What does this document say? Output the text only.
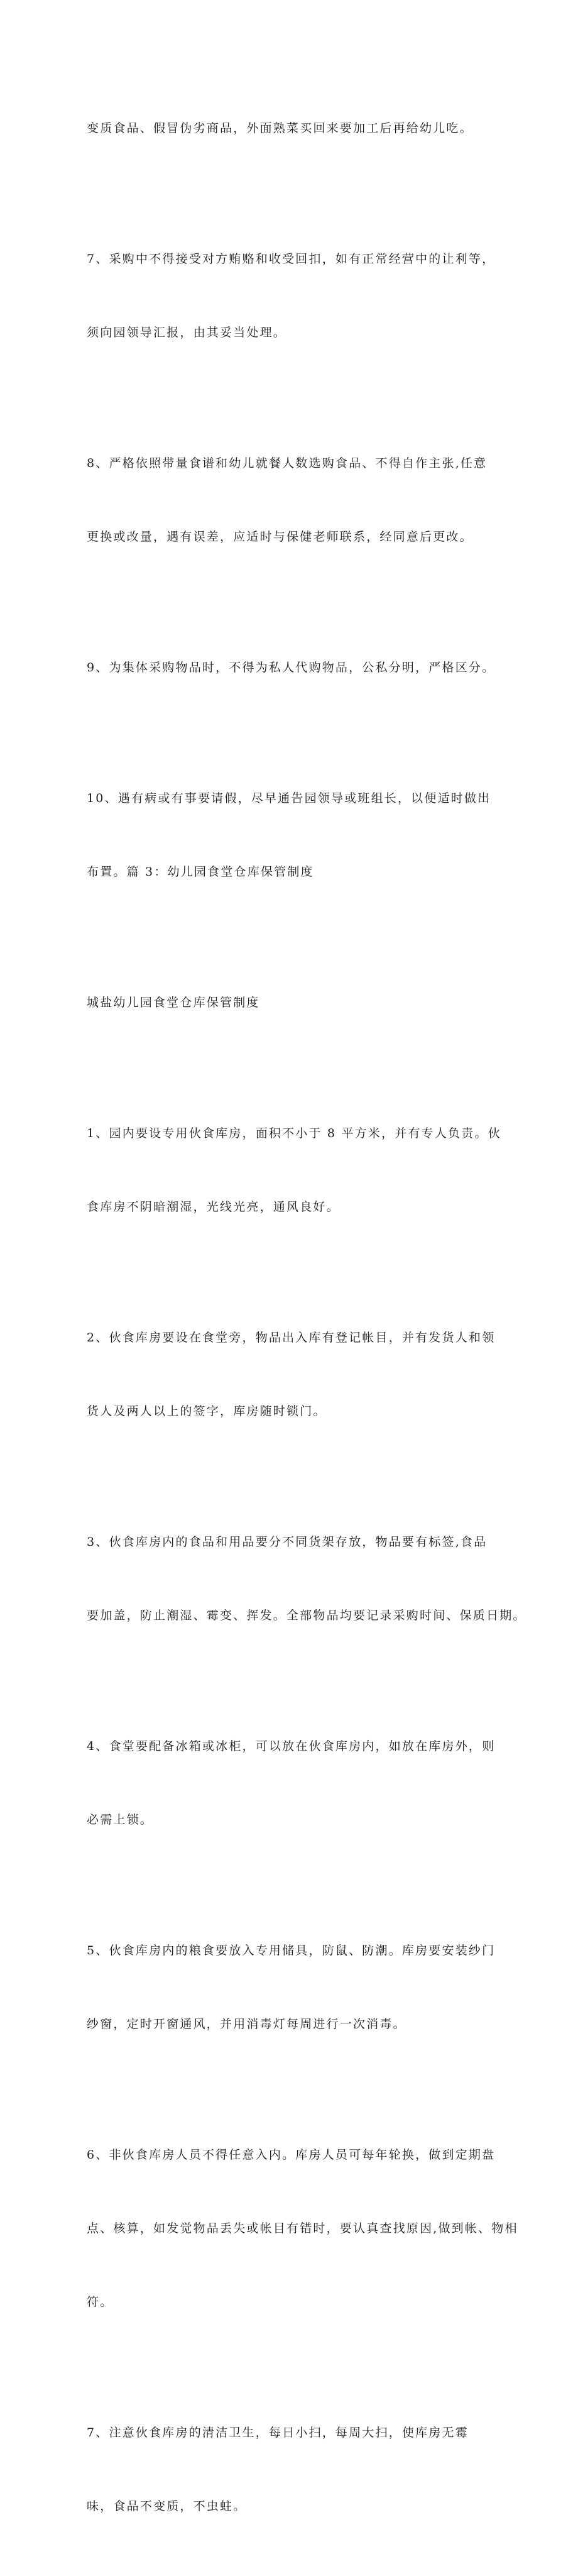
变质食品、假冒伪劣商品，外面熟菜买回来要加工后再给幼儿吃。

7、采购中不得接受对方贿赂和收受回扣，如有正常经营中的让利等，

须向园领导汇报，由其妥当处理。

8、严格依照带量食谱和幼儿就餐人数选购食品、不得自作主张,任意

更换或改量，遇有误差，应适时与保健老师联系，经同意后更改。

9、为集体采购物品时，不得为私人代购物品，公私分明，严格区分。

10、遇有病或有事要请假，尽早通告园领导或班组长，以便适时做出

布置。篇 3：幼儿园食堂仓库保管制度

城盐幼儿园食堂仓库保管制度

1、园内要设专用伙食库房，面积不小于 8 平方米，并有专人负责。伙

食库房不阴暗潮湿，光线光亮，通风良好。

2、伙食库房要设在食堂旁，物品出入库有登记帐目，并有发货人和领

货人及两人以上的签字，库房随时锁门。

3、伙食库房内的食品和用品要分不同货架存放，物品要有标签,食品

要加盖，防止潮湿、霉变、挥发。全部物品均要记录采购时间、保质日期。

4、食堂要配备冰箱或冰柜，可以放在伙食库房内，如放在库房外，则

必需上锁。

5、伙食库房内的粮食要放入专用储具，防鼠、防潮。库房要安装纱门

纱窗，定时开窗通风，并用消毒灯每周进行一次消毒。

6、非伙食库房人员不得任意入内。库房人员可每年轮换，做到定期盘

点、核算，如发觉物品丢失或帐目有错时，要认真查找原因,做到帐、物相

符。

7、注意伙食库房的清洁卫生，每日小扫，每周大扫，使库房无霉

味，食品不变质，不虫蛀。
